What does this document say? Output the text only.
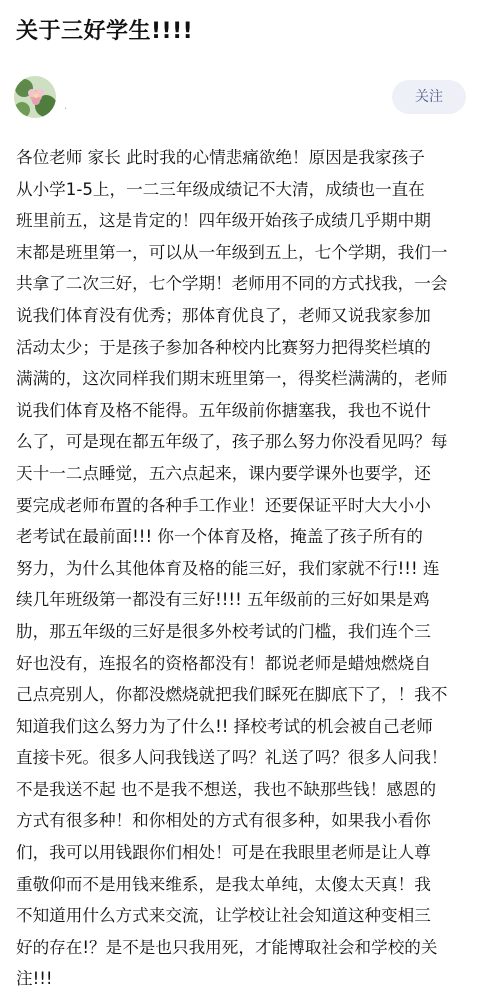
关于三好学生!!!!
·
关注
各位老师 家长 此时我的心情悲痛欲绝！原因是我家孩子
从小学1-5上，一二三年级成绩记不大清，成绩也一直在
班里前五，这是肯定的！四年级开始孩子成绩几乎期中期
末都是班里第一，可以从一年级到五上，七个学期，我们一
共拿了二次三好，七个学期！老师用不同的方式找我，一会
说我们体育没有优秀；那体育优良了，老师又说我家参加
活动太少；于是孩子参加各种校内比赛努力把得奖栏填的
满满的，这次同样我们期末班里第一，得奖栏满满的，老师
说我们体育及格不能得。五年级前你搪塞我，我也不说什
么了，可是现在都五年级了，孩子那么努力你没看见吗？每
天十一二点睡觉，五六点起来，课内要学课外也要学，还
要完成老师布置的各种手工作业！还要保证平时大大小小
老考试在最前面!!! 你一个体育及格，掩盖了孩子所有的
努力，为什么其他体育及格的能三好，我们家就不行!!! 连
续几年班级第一都没有三好!!!! 五年级前的三好如果是鸡
肋，那五年级的三好是很多外校考试的门槛，我们连个三
好也没有，连报名的资格都没有！都说老师是蜡烛燃烧自
己点亮别人，你都没燃烧就把我们睬死在脚底下了，！我不
知道我们这么努力为了什么!! 择校考试的机会被自己老师
直接卡死。很多人问我钱送了吗？礼送了吗？很多人问我！
不是我送不起 也不是我不想送，我也不缺那些钱！感恩的
方式有很多种！和你相处的方式有很多种，如果我小看你
们，我可以用钱跟你们相处！可是在我眼里老师是让人尊
重敬仰而不是用钱来维系，是我太单纯，太傻太天真！我
不知道用什么方式来交流，让学校让社会知道这种变相三
好的存在!？是不是也只我用死，才能博取社会和学校的关
注!!!
